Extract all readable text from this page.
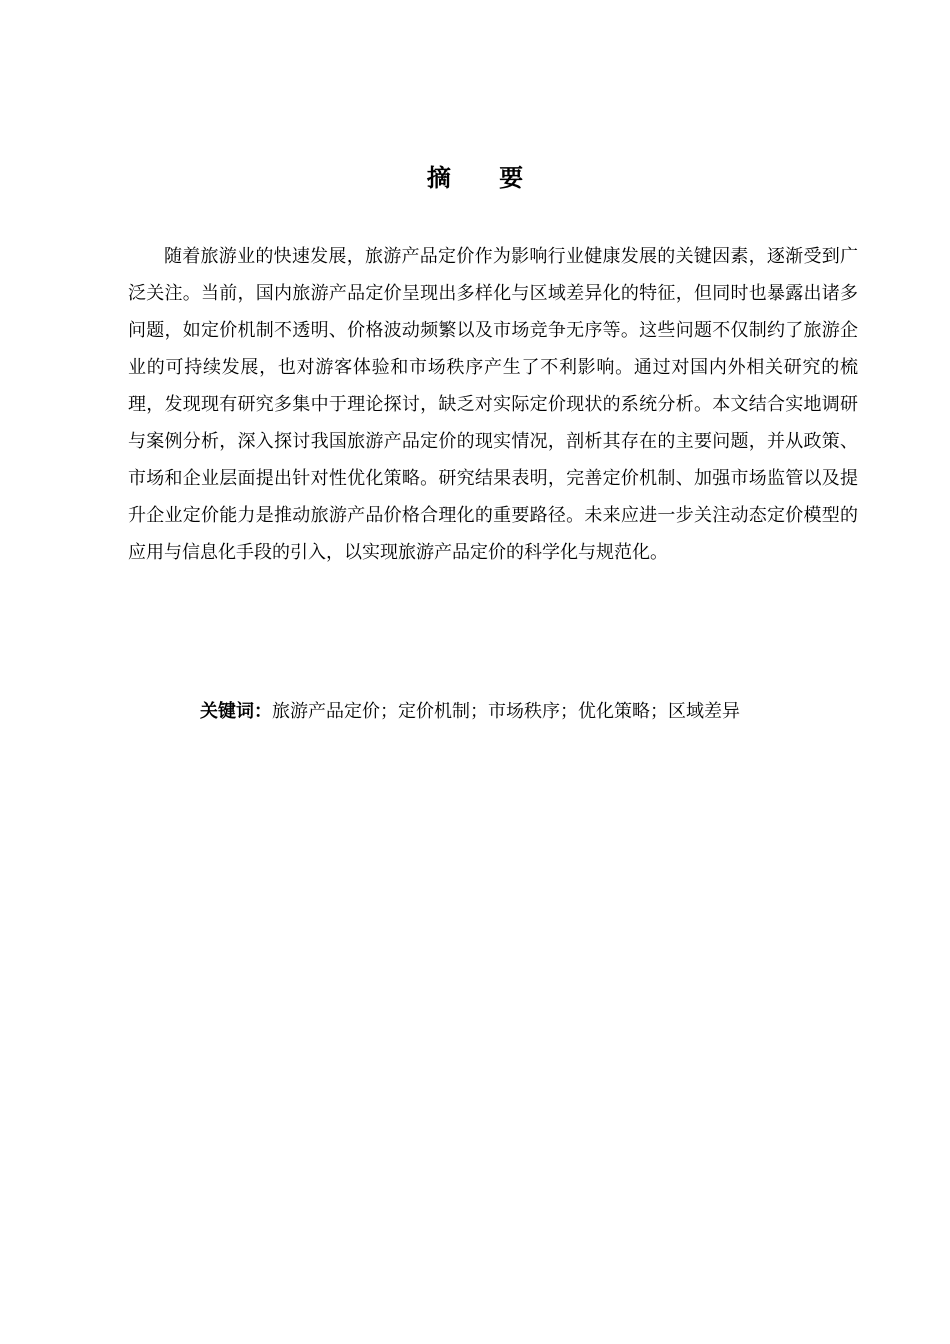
摘 要

随着旅游业的快速发展，旅游产品定价作为影响行业健康发展的关键因素，逐渐受到广泛关注。当前，国内旅游产品定价呈现出多样化与区域差异化的特征，但同时也暴露出诸多问题，如定价机制不透明、价格波动频繁以及市场竞争无序等。这些问题不仅制约了旅游企业的可持续发展，也对游客体验和市场秩序产生了不利影响。通过对国内外相关研究的梳理，发现现有研究多集中于理论探讨，缺乏对实际定价现状的系统分析。本文结合实地调研与案例分析，深入探讨我国旅游产品定价的现实情况，剖析其存在的主要问题，并从政策、市场和企业层面提出针对性优化策略。研究结果表明，完善定价机制、加强市场监管以及提升企业定价能力是推动旅游产品价格合理化的重要路径。未来应进一步关注动态定价模型的应用与信息化手段的引入，以实现旅游产品定价的科学化与规范化。

关键词：旅游产品定价；定价机制；市场秩序；优化策略；区域差异
